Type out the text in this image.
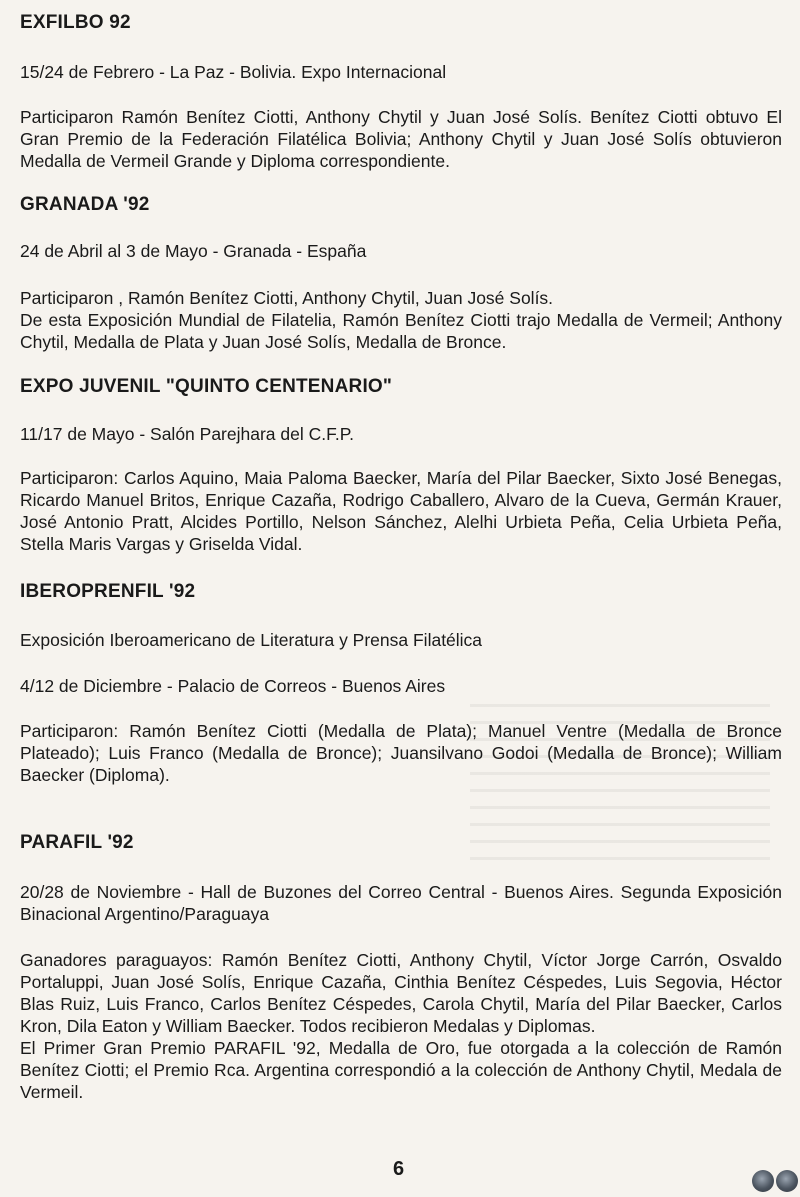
EXFILBO 92

15/24 de Febrero - La Paz - Bolivia. Expo Internacional

Participaron Ramón Benítez Ciotti, Anthony Chytil y Juan José Solís. Benítez Ciotti obtuvo El Gran Premio de la Federación Filatélica Bolivia; Anthony Chytil y Juan José Solís obtuvieron Medalla de Vermeil Grande y Diploma correspondiente.

GRANADA '92

24 de Abril al 3 de Mayo - Granada - España

Participaron , Ramón Benítez Ciotti, Anthony Chytil, Juan José Solís.
De esta Exposición Mundial de Filatelia, Ramón Benítez Ciotti trajo Medalla de Vermeil; Anthony Chytil, Medalla de Plata y Juan José Solís, Medalla de Bronce.

EXPO JUVENIL "QUINTO CENTENARIO"

11/17 de Mayo - Salón Parejhara del C.F.P.

Participaron: Carlos Aquino, Maia Paloma Baecker, María del Pilar Baecker, Sixto José Benegas, Ricardo Manuel Britos, Enrique Cazaña, Rodrigo Caballero, Alvaro de la Cueva, Germán Krauer, José Antonio Pratt, Alcides Portillo, Nelson Sánchez, Alelhi Urbieta Peña, Celia Urbieta Peña, Stella Maris Vargas y Griselda Vidal.

IBEROPRENFIL '92

Exposición Iberoamericano de Literatura y Prensa Filatélica

4/12 de Diciembre - Palacio de Correos - Buenos Aires

Participaron: Ramón Benítez Ciotti (Medalla de Plata); Manuel Ventre (Medalla de Bronce Plateado); Luis Franco (Medalla de Bronce); Juansilvano Godoi (Medalla de Bronce); William Baecker (Diploma).

PARAFIL '92

20/28 de Noviembre - Hall de Buzones del Correo Central - Buenos Aires. Segunda Exposición Binacional Argentino/Paraguaya

Ganadores paraguayos: Ramón Benítez Ciotti, Anthony Chytil, Víctor Jorge Carrón, Osvaldo Portaluppi, Juan José Solís, Enrique Cazaña, Cinthia Benítez Céspedes, Luis Segovia, Héctor Blas Ruiz, Luis Franco, Carlos Benítez Céspedes, Carola Chytil, María del Pilar Baecker, Carlos Kron, Dila Eaton y William Baecker. Todos recibieron Medalas y Diplomas.
El Primer Gran Premio PARAFIL '92, Medalla de Oro, fue otorgada a la colección de Ramón Benítez Ciotti; el Premio Rca. Argentina correspondió a la colección de Anthony Chytil, Medala de Vermeil.

6
